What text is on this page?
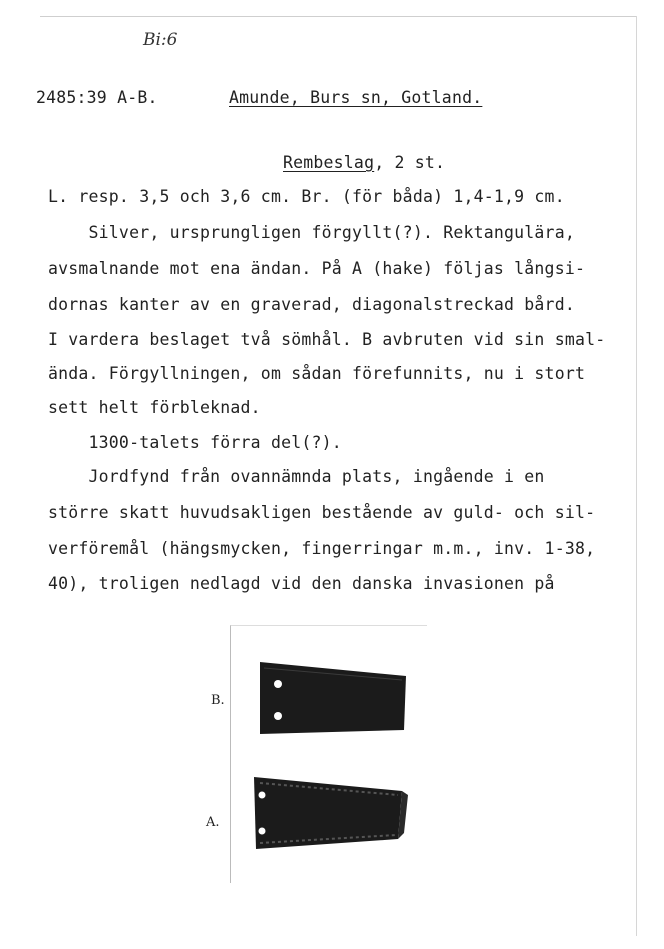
Bi:6
2485:39 A-B.	Amunde, Burs sn, Gotland.
Rembeslag, 2 st.
L. resp. 3,5 och 3,6 cm. Br. (för båda) 1,4-1,9 cm.
Silver, ursprungligen förgyllt(?). Rektangulära,
avsmalnande mot ena ändan. På A (hake) följas långsi-
dornas kanter av en graverad, diagonalstreckad bård.
I vardera beslaget två sömhål. B avbruten vid sin smal-
ända. Förgyllningen, om sådan förefunnits, nu i stort
sett helt förbleknad.
1300-talets förra del(?).
Jordfynd från ovannämnda plats, ingående i en
större skatt huvudsakligen bestående av guld- och sil-
verföremål (hängsmycken, fingerringar m.m., inv. 1-38,
40), troligen nedlagd vid den danska invasionen på
B.
A.
